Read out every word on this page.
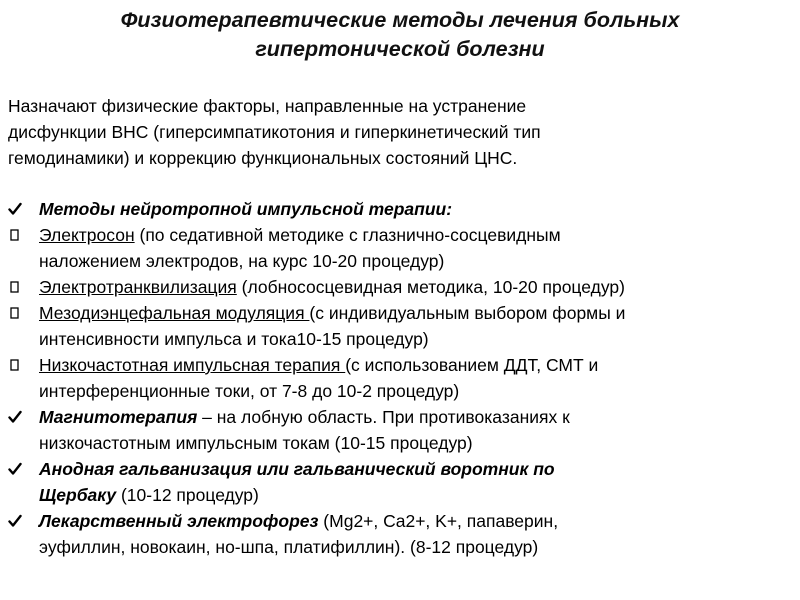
Физиотерапевтические методы лечения больных
гипертонической болезни
Назначают физические факторы, направленные на устранение
дисфункции ВНС (гиперсимпатикотония и гиперкинетический тип
гемодинамики) и коррекцию функциональных состояний ЦНС.
Методы нейротропной импульсной терапии:
Электросон (по седативной методике с глазнично-сосцевидным
наложением электродов, на курс 10-20 процедур)
Электротранквилизация (лобнососцевидная методика, 10-20 процедур)
Мезодиэнцефальная модуляция (с индивидуальным выбором формы и
интенсивности импульса и тока10-15 процедур)
Низкочастотная импульсная терапия (с использованием ДДТ, СМТ и
интерференционные токи, от 7-8 до 10-2 процедур)
Магнитотерапия – на лобную область. При противоказаниях к
низкочастотным импульсным токам (10-15 процедур)
Анодная гальванизация или гальванический воротник по
Щербаку (10-12 процедур)
Лекарственный электрофорез (Mg2+, Ca2+, K+, папаверин,
эуфиллин, новокаин, но-шпа, платифиллин). (8-12 процедур)
